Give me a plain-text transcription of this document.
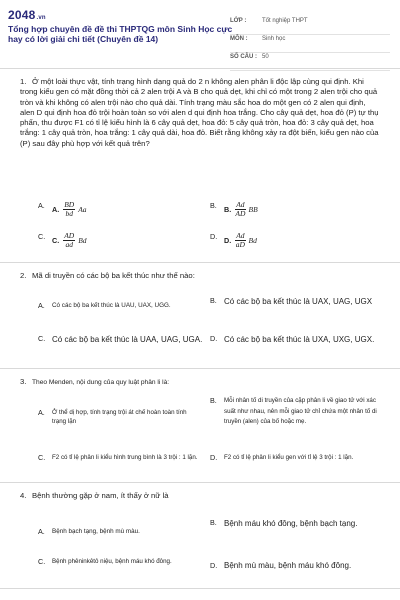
2048.vn
Tổng hợp chuyên đề đề thi THPTQG môn Sinh Học cực hay có lời giải chi tiết (Chuyên đề 14)
LỚP :	Tốt nghiệp THPT
MÔN :	Sinh học
SỐ CÂU : 50
1. Ở một loài thực vật, tính trạng hình dạng quả do 2 n không alen phân li độc lập cùng qui định. Khi trong kiểu gen có mặt đồng thời cả 2 alen trội A và B cho quả dẹt, khi chỉ có một trong 2 alen trội cho quả tròn và khi không có alen trội nào cho quả dài. Tính trạng màu sắc hoa do một gen có 2 alen qui định, alen D qui định hoa đỏ trội hoàn toàn so với alen d qui định hoa trắng. Cho cây quả dẹt, hoa đỏ (P) tự thụ phấn, thu được F1 có tỉ lệ kiểu hình là 6 cây quả dẹt, hoa đỏ: 5 cây quả tròn, hoa đỏ: 3 cây quả dẹt, hoa trắng: 1 cây quả tròn, hoa trắng: 1 cây quả dài, hoa đỏ. Biết rằng không xảy ra đột biến, kiểu gen nào của (P) sau đây phù hợp với kết quả trên?
A.	A. $\frac{BD}{bd}$ Aa	B.	B. $\frac{Ad}{AD}$ BB
C. C. $\frac{AD}{ad}$ Bd	D. D. $\frac{Ad}{aD}$ Bd
2. Mã di truyền có các bộ ba kết thúc như thế nào:
A.	Có các bộ ba kết thúc là UAU, UAX, UGG.
B. Có các bộ ba kết thúc là UAX, UAG, UGX
C. Có các bộ ba kết thúc là UAA, UAG, UGA. D. Có các bộ ba kết thúc là UXA, UXG, UGX.
3. Theo Menden, nội dung của quy luật phân li là:
A.	Ở thể dị hợp, tính trạng trội át chế hoàn toàn tính trạng lặn
B.	Mỗi nhân tố di truyền của cặp phân li về giao tử với xác suất như nhau, nên mỗi giao tử chỉ chứa một nhân tố di truyền (alen) của bố hoặc mẹ.
C.	F2 có tỉ lệ phân li kiểu hình trung bình là 3 trội : 1 lặn. D.	F2 có tỉ lệ phân li kiểu gen với tỉ lệ 3 trội : 1 lặn.
4. Bệnh thường gặp ở nam, ít thấy ở nữ là
A.	Bệnh bạch tạng, bệnh mù màu.
B. Bệnh máu khó đông, bệnh bạch tạng.
C.	Bệnh phêninkêtô niệu, bệnh máu khó đông.	D. Bệnh mù màu, bệnh máu khó đông.
